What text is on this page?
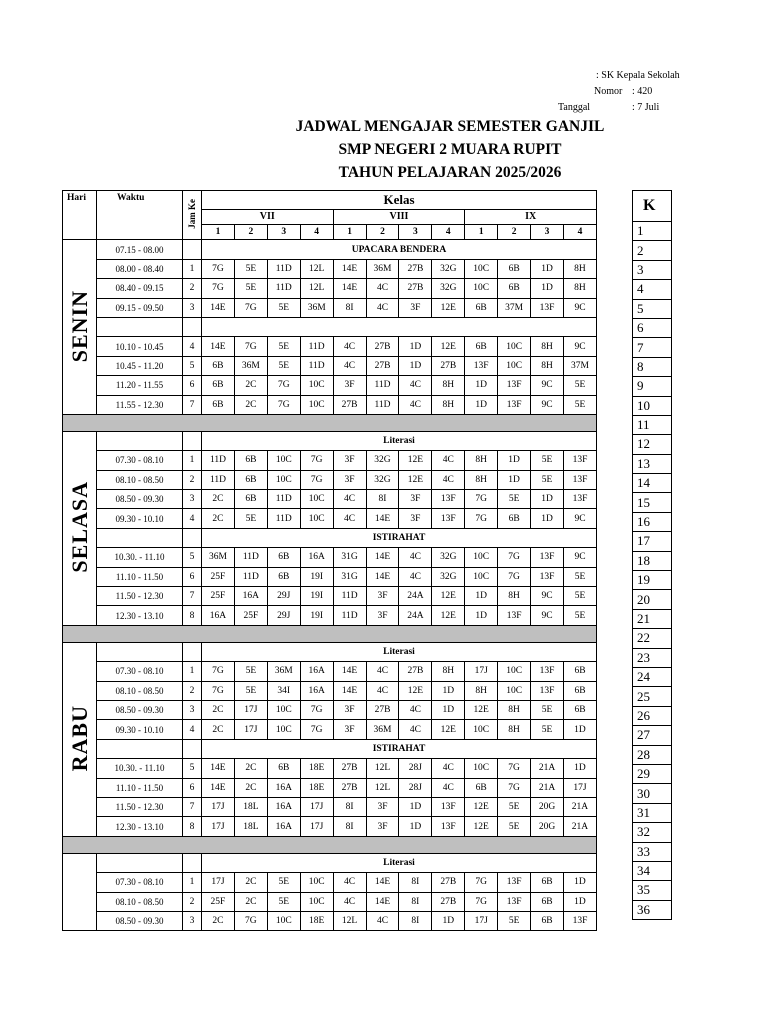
: SK Kepala Sekolah
Nomor : 420
Tanggal	: 7 Juli
JADWAL MENGAJAR SEMESTER GANJIL
SMP NEGERI 2 MUARA RUPIT
TAHUN PELAJARAN 2025/2026
Hari	Waktu	Jam Ke	Kelas											
			VII				VIII				IX			
			1	2	3	4	1	2	3	4	1	2	3	4
SENIN	07.15 - 08.00		UPACARA BENDERA											
	08.00 - 08.40	1	7G	5E	11D	12L	14E	36M	27B	32G	10C	6B	1D	8H
	08.40 - 09.15	2	7G	5E	11D	12L	14E	4C	27B	32G	10C	6B	1D	8H
	09.15 - 09.50	3	14E	7G	5E	36M	8I	4C	3F	12E	6B	37M	13F	9C

	10.10 - 10.45	4	14E	7G	5E	11D	4C	27B	1D	12E	6B	10C	8H	9C
	10.45 - 11.20	5	6B	36M	5E	11D	4C	27B	1D	27B	13F	10C	8H	37M
	11.20 - 11.55	6	6B	2C	7G	10C	3F	11D	4C	8H	1D	13F	9C	5E
	11.55 - 12.30	7	6B	2C	7G	10C	27B	11D	4C	8H	1D	13F	9C	5E

SELASA			Literasi											
	07.30 - 08.10	1	11D	6B	10C	7G	3F	32G	12E	4C	8H	1D	5E	13F
	08.10 - 08.50	2	11D	6B	10C	7G	3F	32G	12E	4C	8H	1D	5E	13F
	08.50 - 09.30	3	2C	6B	11D	10C	4C	8I	3F	13F	7G	5E	1D	13F
	09.30 - 10.10	4	2C	5E	11D	10C	4C	14E	3F	13F	7G	6B	1D	9C
			ISTIRAHAT											
	10.30. - 11.10	5	36M	11D	6B	16A	31G	14E	4C	32G	10C	7G	13F	9C
	11.10 - 11.50	6	25F	11D	6B	19I	31G	14E	4C	32G	10C	7G	13F	5E
	11.50 - 12.30	7	25F	16A	29J	19I	11D	3F	24A	12E	1D	8H	9C	5E
	12.30 - 13.10	8	16A	25F	29J	19I	11D	3F	24A	12E	1D	13F	9C	5E

RABU			Literasi											
	07.30 - 08.10	1	7G	5E	36M	16A	14E	4C	27B	8H	17J	10C	13F	6B
	08.10 - 08.50	2	7G	5E	34I	16A	14E	4C	12E	1D	8H	10C	13F	6B
	08.50 - 09.30	3	2C	17J	10C	7G	3F	27B	4C	1D	12E	8H	5E	6B
	09.30 - 10.10	4	2C	17J	10C	7G	3F	36M	4C	12E	10C	8H	5E	1D
			ISTIRAHAT											
	10.30. - 11.10	5	14E	2C	6B	18E	27B	12L	28J	4C	10C	7G	21A	1D
	11.10 - 11.50	6	14E	2C	16A	18E	27B	12L	28J	4C	6B	7G	21A	17J
	11.50 - 12.30	7	17J	18L	16A	17J	8I	3F	1D	13F	12E	5E	20G	21A
	12.30 - 13.10	8	17J	18L	16A	17J	8I	3F	1D	13F	12E	5E	20G	21A

			Literasi											
	07.30 - 08.10	1	17J	2C	5E	10C	4C	14E	8I	27B	7G	13F	6B	1D
	08.10 - 08.50	2	25F	2C	5E	10C	4C	14E	8I	27B	7G	13F	6B	1D
	08.50 - 09.30	3	2C	7G	10C	18E	12L	4C	8I	1D	17J	5E	6B	13F
K
1
2
3
4
5
6
7
8
9
10
11
12
13
14
15
16
17
18
19
20
21
22
23
24
25
26
27
28
29
30
31
32
33
34
35
36
